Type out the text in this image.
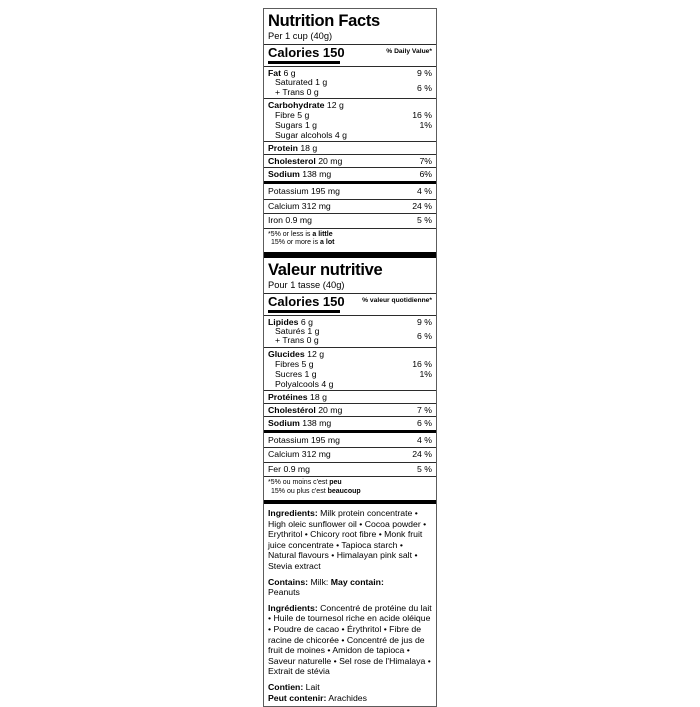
Nutrition Facts
Per 1 cup (40g)
Calories 150	% Daily Value*
Fat 6 g	9 %
Saturated 1 g
+ Trans 0 g	6 %
Carbohydrate 12 g
Fibre 5 g	16 %
Sugars 1 g	1%
Sugar alcohols 4 g
Protein 18 g
Cholesterol 20 mg	7%
Sodium 138 mg	6%
Potassium 195 mg	4 %
Calcium 312 mg	24 %
Iron 0.9 mg	5 %
*5% or less is a little
15% or more is a lot
Valeur nutritive
Pour 1 tasse (40g)
Calories 150	% valeur quotidienne*
Lipides 6 g	9 %
Saturés 1 g
+ Trans 0 g	6 %
Glucides 12 g
Fibres 5 g	16 %
Sucres 1 g	1%
Polyalcools 4 g
Protéines 18 g
Cholestérol 20 mg	7 %
Sodium 138 mg	6 %
Potassium 195 mg	4 %
Calcium 312 mg	24 %
Fer 0.9 mg	5 %
*5% ou moins c'est peu
15% ou plus c'est beaucoup

Ingredients: Milk protein concentrate • High oleic sunflower oil • Cocoa powder • Erythritol • Chicory root fibre • Monk fruit juice concentrate • Tapioca starch • Natural flavours • Himalayan pink salt • Stevia extract

Contains: Milk: May contain:
Peanuts

Ingrédients: Concentré de protéine du lait • Huile de tournesol riche en acide oléique • Poudre de cacao • Érythritol • Fibre de racine de chicorée • Concentré de jus de fruit de moines • Amidon de tapioca • Saveur naturelle • Sel rose de l'Himalaya • Extrait de stévia

Contien: Lait
Peut contenir: Arachides
